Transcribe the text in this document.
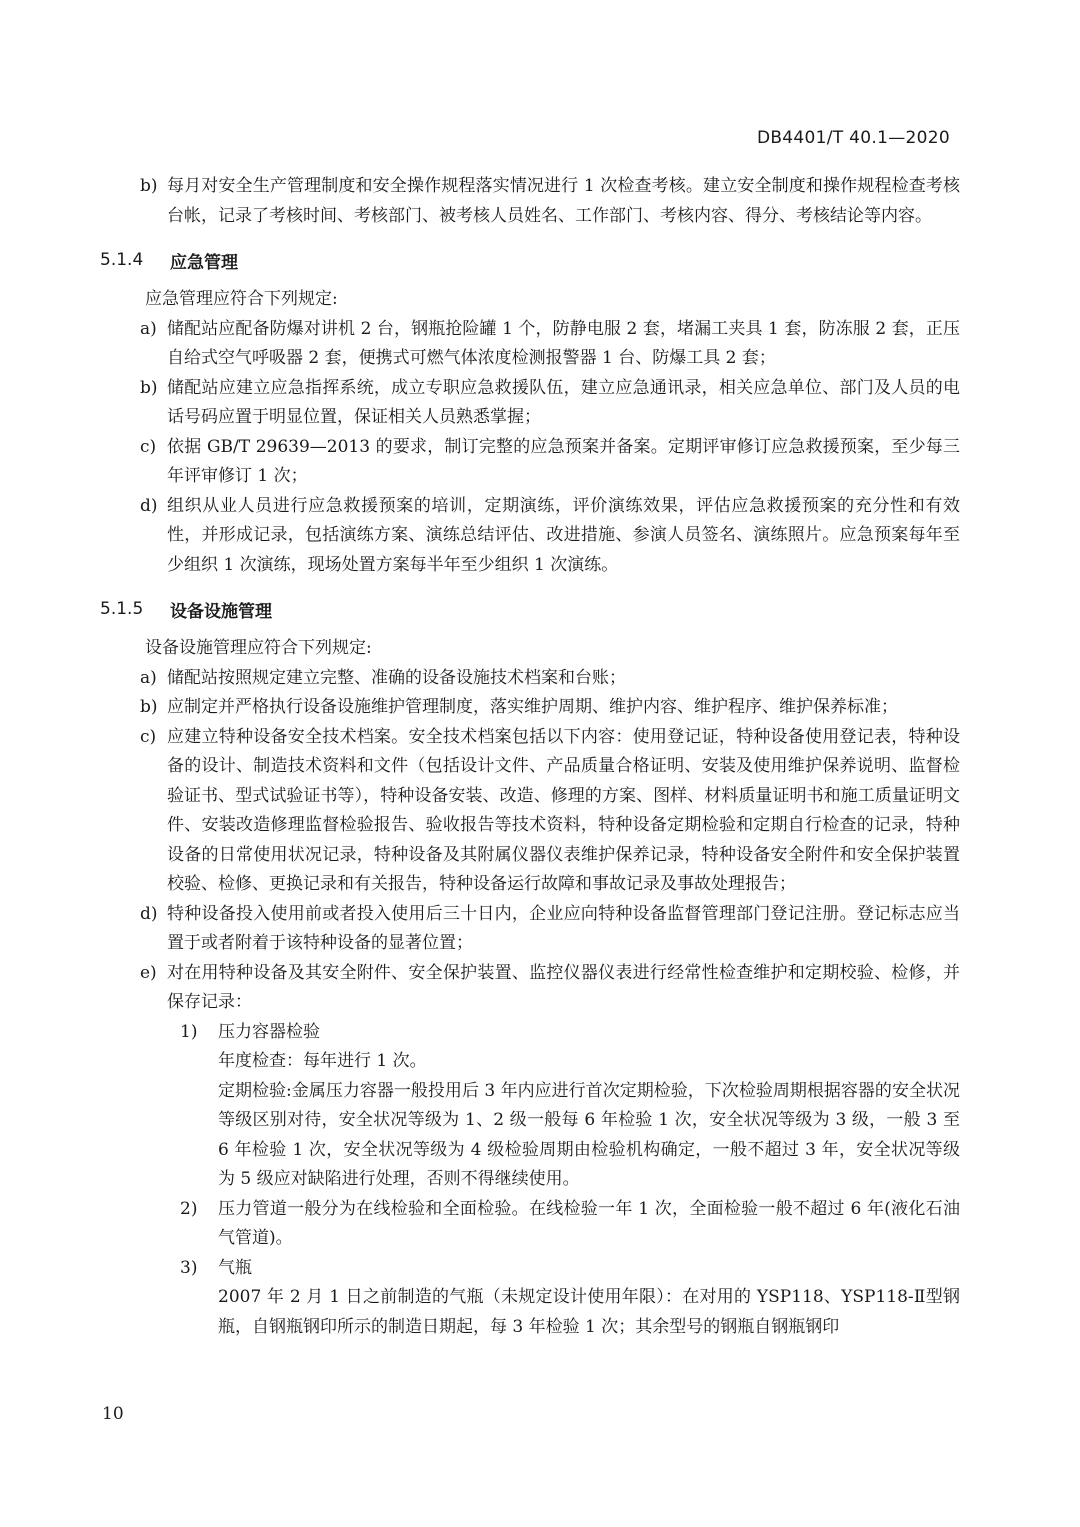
DB4401/T 40.1—2020
b) 每月对安全生产管理制度和安全操作规程落实情况进行 1 次检查考核。建立安全制度和操作规程检查考核台帐，记录了考核时间、考核部门、被考核人员姓名、工作部门、考核内容、得分、考核结论等内容。
5.1.4	应急管理
应急管理应符合下列规定:
a) 储配站应配备防爆对讲机 2 台，钢瓶抢险罐 1 个，防静电服 2 套，堵漏工夹具 1 套，防冻服 2 套，正压自给式空气呼吸器 2 套，便携式可燃气体浓度检测报警器 1 台、防爆工具 2 套；
b) 储配站应建立应急指挥系统，成立专职应急救援队伍，建立应急通讯录，相关应急单位、部门及人员的电话号码应置于明显位置，保证相关人员熟悉掌握；
c) 依据 GB/T 29639—2013 的要求，制订完整的应急预案并备案。定期评审修订应急救援预案，至少每三年评审修订 1 次；
d) 组织从业人员进行应急救援预案的培训，定期演练，评价演练效果，评估应急救援预案的充分性和有效性，并形成记录，包括演练方案、演练总结评估、改进措施、参演人员签名、演练照片。应急预案每年至少组织 1 次演练，现场处置方案每半年至少组织 1 次演练。
5.1.5	设备设施管理
设备设施管理应符合下列规定:
a) 储配站按照规定建立完整、准确的设备设施技术档案和台账；
b) 应制定并严格执行设备设施维护管理制度，落实维护周期、维护内容、维护程序、维护保养标准；
c) 应建立特种设备安全技术档案。安全技术档案包括以下内容：使用登记证，特种设备使用登记表，特种设备的设计、制造技术资料和文件（包括设计文件、产品质量合格证明、安装及使用维护保养说明、监督检验证书、型式试验证书等），特种设备安装、改造、修理的方案、图样、材料质量证明书和施工质量证明文件、安装改造修理监督检验报告、验收报告等技术资料，特种设备定期检验和定期自行检查的记录，特种设备的日常使用状况记录，特种设备及其附属仪器仪表维护保养记录，特种设备安全附件和安全保护装置校验、检修、更换记录和有关报告，特种设备运行故障和事故记录及事故处理报告；
d) 特种设备投入使用前或者投入使用后三十日内，企业应向特种设备监督管理部门登记注册。登记标志应当置于或者附着于该特种设备的显著位置；
e) 对在用特种设备及其安全附件、安全保护装置、监控仪器仪表进行经常性检查维护和定期校验、检修，并保存记录：
1)	压力容器检验
年度检查：每年进行 1 次。
定期检验:金属压力容器一般投用后 3 年内应进行首次定期检验，下次检验周期根据容器的安全状况等级区别对待，安全状况等级为 1、2 级一般每 6 年检验 1 次，安全状况等级为 3 级，一般 3 至 6 年检验 1 次，安全状况等级为 4 级检验周期由检验机构确定，一般不超过 3 年，安全状况等级为 5 级应对缺陷进行处理，否则不得继续使用。
2)	压力管道一般分为在线检验和全面检验。在线检验一年 1 次，全面检验一般不超过 6 年(液化石油气管道)。
3)	气瓶
2007 年 2 月 1 日之前制造的气瓶（未规定设计使用年限）：在对用的 YSP118、YSP118-Ⅱ型钢瓶，自钢瓶钢印所示的制造日期起，每 3 年检验 1 次；其余型号的钢瓶自钢瓶钢印
10
